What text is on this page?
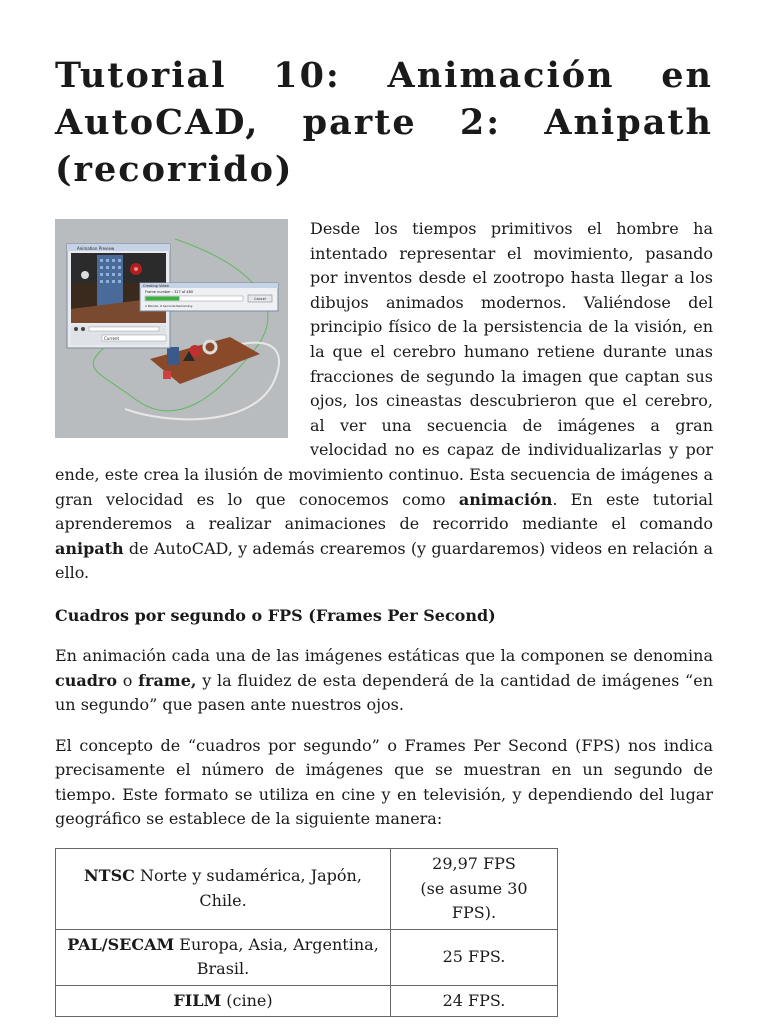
Tutorial 10: Animación en AutoCAD, parte 2: Anipath (recorrido)
Animation Preview
Current
Creating Video
Frame number : 327 of 480
1 Minute, 9 Seconds Remaining
Cancel

Desde los tiempos primitivos el hombre ha intentado representar el movimiento, pasando por inventos desde el zootropo hasta llegar a los dibujos animados modernos. Valiéndose del principio físico de la persistencia de la visión, en la que el cerebro humano retiene durante unas fracciones de segundo la imagen que captan sus ojos, los cineastas descubrieron que el cerebro, al ver una secuencia de imágenes a gran velocidad no es capaz de individualizarlas y por ende, este crea la ilusión de movimiento continuo. Esta secuencia de imágenes a gran velocidad es lo que conocemos como animación. En este tutorial aprenderemos a realizar animaciones de recorrido mediante el comando anipath de AutoCAD, y además crearemos (y guardaremos) videos en relación a ello.

Cuadros por segundo o FPS (Frames Per Second)

En animación cada una de las imágenes estáticas que la componen se denomina cuadro o frame, y la fluidez de esta dependerá de la cantidad de imágenes “en un segundo” que pasen ante nuestros ojos.

El concepto de “cuadros por segundo” o Frames Per Second (FPS) nos indica precisamente el número de imágenes que se muestran en un segundo de tiempo. Este formato se utiliza en cine y en televisión, y dependiendo del lugar geográfico se establece de la siguiente manera:

NTSC Norte y sudamérica, Japón, Chile.	29,97 FPS
(se asume 30 FPS).
PAL/SECAM Europa, Asia, Argentina, Brasil.	25 FPS.
FILM (cine)	24 FPS.
